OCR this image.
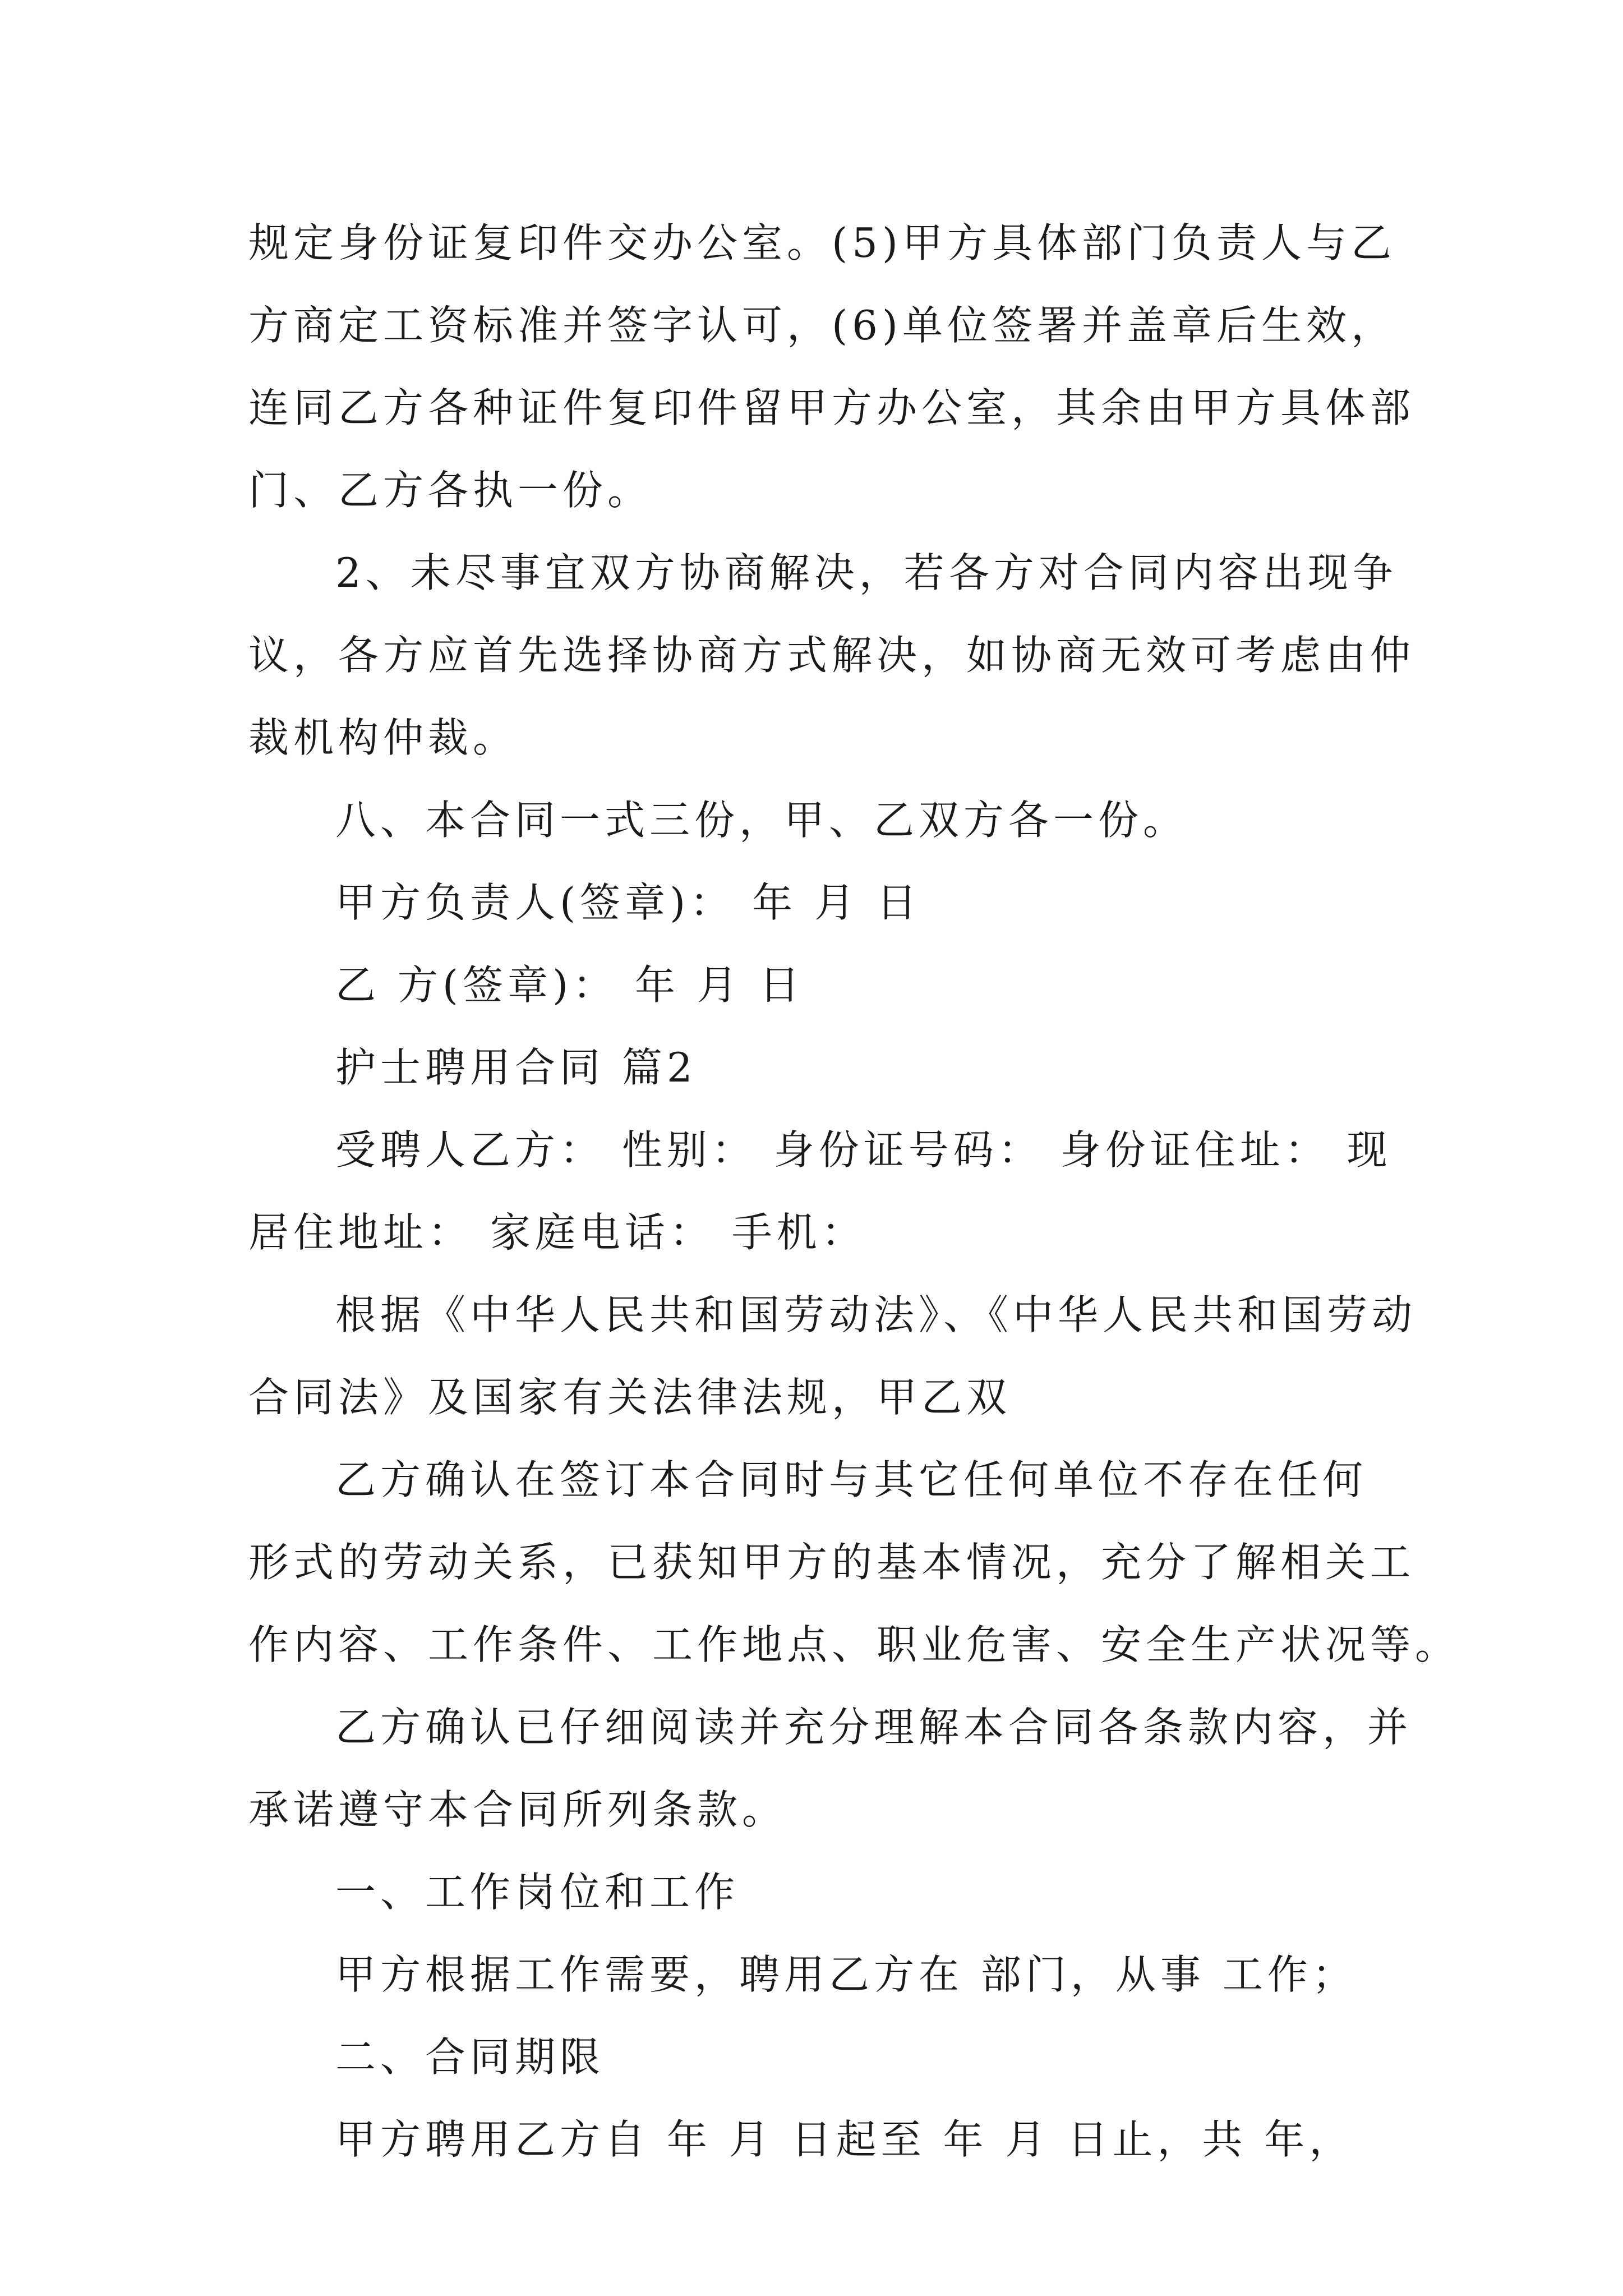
规定身份证复印件交办公室。(5)甲方具体部门负责人与乙
方商定工资标准并签字认可，(6)单位签署并盖章后生效，
连同乙方各种证件复印件留甲方办公室，其余由甲方具体部
门、乙方各执一份。
2、未尽事宜双方协商解决，若各方对合同内容出现争
议，各方应首先选择协商方式解决，如协商无效可考虑由仲
裁机构仲裁。
八、本合同一式三份，甲、乙双方各一份。
甲方负责人(签章)： 年 月 日
乙 方(签章)： 年 月 日
护士聘用合同 篇2
受聘人乙方： 性别： 身份证号码： 身份证住址： 现
居住地址： 家庭电话： 手机：
根据《中华人民共和国劳动法》、《中华人民共和国劳动
合同法》及国家有关法律法规，甲乙双
乙方确认在签订本合同时与其它任何单位不存在任何
形式的劳动关系，已获知甲方的基本情况，充分了解相关工
作内容、工作条件、工作地点、职业危害、安全生产状况等。
乙方确认已仔细阅读并充分理解本合同各条款内容，并
承诺遵守本合同所列条款。
一、工作岗位和工作
甲方根据工作需要，聘用乙方在 部门，从事 工作；
二、合同期限
甲方聘用乙方自 年 月 日起至 年 月 日止，共 年，
